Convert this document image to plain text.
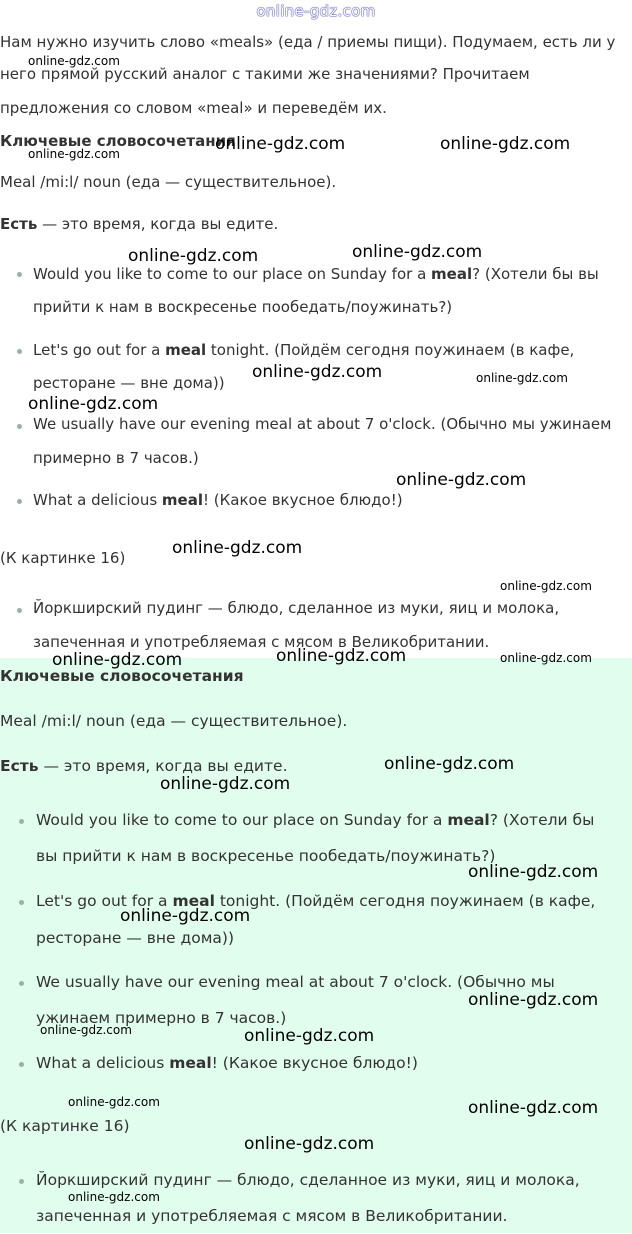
online-gdz.com

Нам нужно изучить слово «meals» (еда / приемы пищи). Подумаем, есть ли у

него прямой русский аналог с такими же значениями? Прочитаем

предложения со словом «meal» и переведём их.

Ключевые словосочетания

Meal /mi:l/ noun (еда — существительное).

Есть — это время, когда вы едите.

Would you like to come to our place on Sunday for a meal? (Хотели бы вы

прийти к нам в воскресенье пообедать/поужинать?)

Let's go out for a meal tonight. (Пойдём сегодня поужинаем (в кафе,

ресторане — вне дома))

We usually have our evening meal at about 7 o'clock. (Обычно мы ужинаем

примерно в 7 часов.)

What a delicious meal! (Какое вкусное блюдо!)

(К картинке 16)

Йоркширский пудинг — блюдо, сделанное из муки, яиц и молока,

запеченная и употребляемая с мясом в Великобритании.

Ключевые словосочетания

Meal /mi:l/ noun (еда — существительное).

Есть — это время, когда вы едите.

Would you like to come to our place on Sunday for a meal? (Хотели бы

вы прийти к нам в воскресенье пообедать/поужинать?)

Let's go out for a meal tonight. (Пойдём сегодня поужинаем (в кафе,

ресторане — вне дома))

We usually have our evening meal at about 7 o'clock. (Обычно мы

ужинаем примерно в 7 часов.)

What a delicious meal! (Какое вкусное блюдо!)

(К картинке 16)

Йоркширский пудинг — блюдо, сделанное из муки, яиц и молока,

запеченная и употребляемая с мясом в Великобритании.

online-gdz.com
online-gdz.com	online-gdz.com
online-gdz.com
online-gdz.com	online-gdz.com
online-gdz.com	online-gdz.com
online-gdz.com
online-gdz.com
online-gdz.com
online-gdz.com
online-gdz.com	online-gdz.com	online-gdz.com
online-gdz.com
online-gdz.com
online-gdz.com
online-gdz.com
online-gdz.com
online-gdz.com	online-gdz.com
online-gdz.com	online-gdz.com
online-gdz.com
online-gdz.com
